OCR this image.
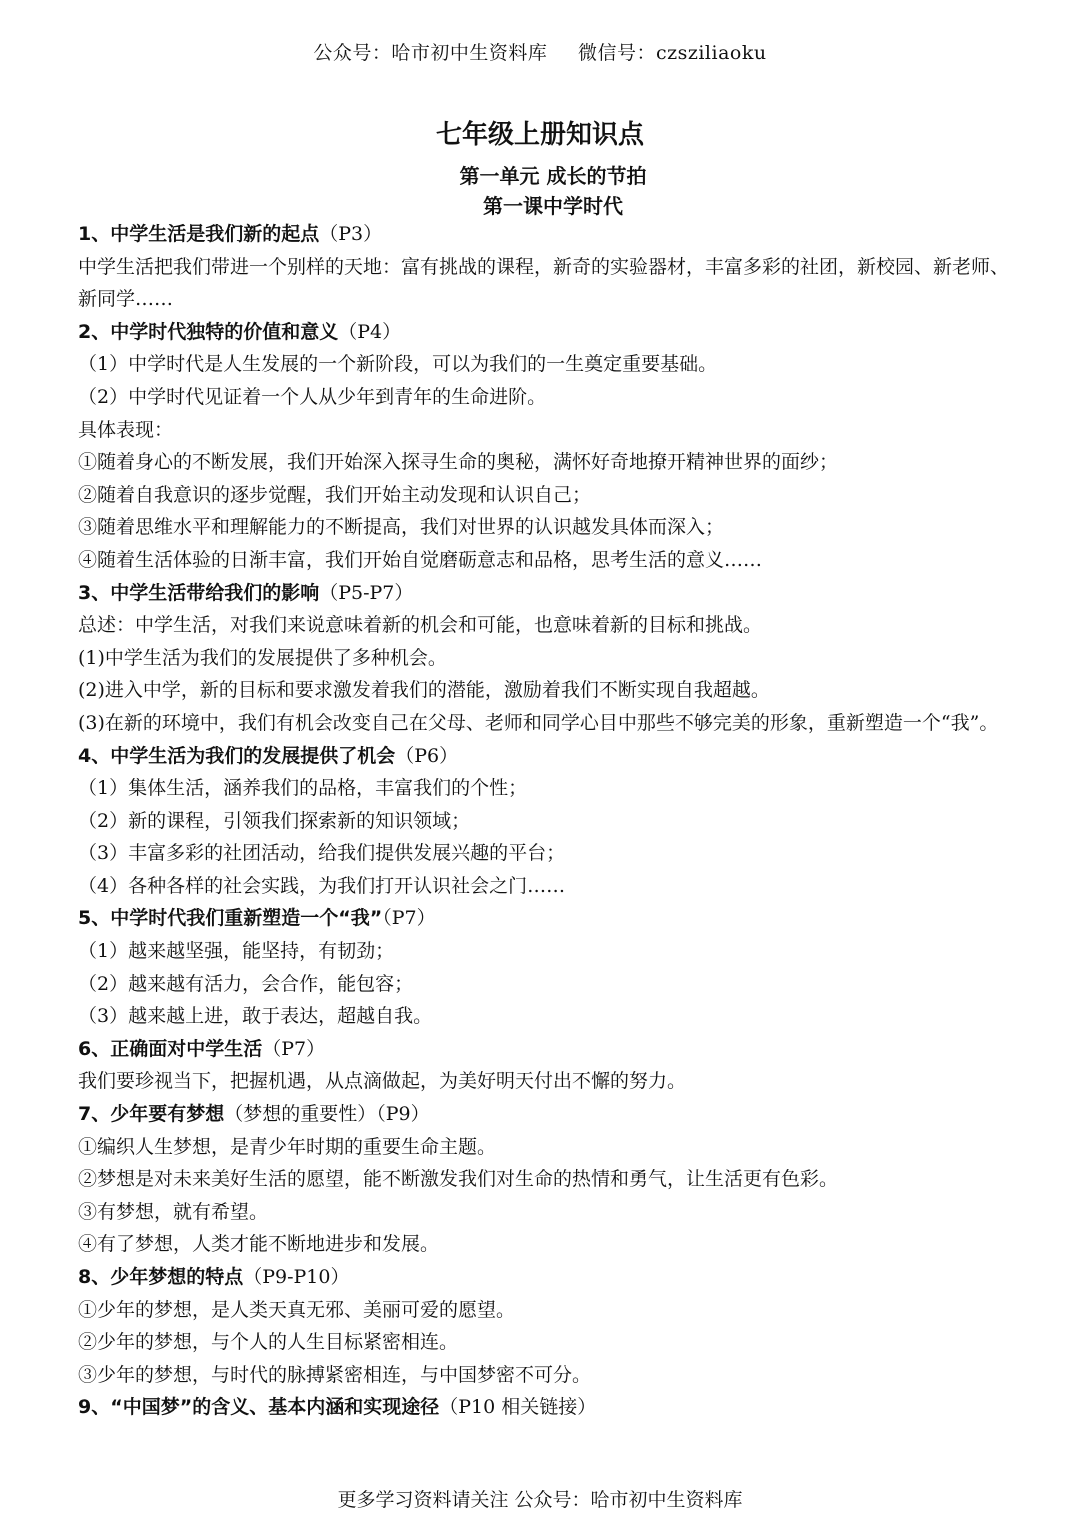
公众号：哈市初中生资料库 微信号：czsziliaoku
七年级上册知识点
第一单元 成长的节拍
第一课中学时代

1、中学生活是我们新的起点（P3）

中学生活把我们带进一个别样的天地：富有挑战的课程，新奇的实验器材，丰富多彩的社团，新校园、新老师、新同学……

2、中学时代独特的价值和意义（P4）

（1）中学时代是人生发展的一个新阶段，可以为我们的一生奠定重要基础。

（2）中学时代见证着一个人从少年到青年的生命进阶。

具体表现：

①随着身心的不断发展，我们开始深入探寻生命的奥秘，满怀好奇地撩开精神世界的面纱；

②随着自我意识的逐步觉醒，我们开始主动发现和认识自己；

③随着思维水平和理解能力的不断提高，我们对世界的认识越发具体而深入；

④随着生活体验的日渐丰富，我们开始自觉磨砺意志和品格，思考生活的意义……

3、中学生活带给我们的影响（P5-P7）

总述：中学生活，对我们来说意味着新的机会和可能，也意味着新的目标和挑战。

(1)中学生活为我们的发展提供了多种机会。

(2)进入中学，新的目标和要求激发着我们的潜能，激励着我们不断实现自我超越。

(3)在新的环境中，我们有机会改变自己在父母、老师和同学心目中那些不够完美的形象，重新塑造一个“我”。

4、中学生活为我们的发展提供了机会（P6）

（1）集体生活，涵养我们的品格，丰富我们的个性；

（2）新的课程，引领我们探索新的知识领域；

（3）丰富多彩的社团活动，给我们提供发展兴趣的平台；

（4）各种各样的社会实践，为我们打开认识社会之门……

5、中学时代我们重新塑造一个“我”（P7）

（1）越来越坚强，能坚持，有韧劲；

（2）越来越有活力，会合作，能包容；

（3）越来越上进，敢于表达，超越自我。

6、正确面对中学生活（P7）

我们要珍视当下，把握机遇，从点滴做起，为美好明天付出不懈的努力。

7、少年要有梦想（梦想的重要性）（P9）

①编织人生梦想，是青少年时期的重要生命主题。

②梦想是对未来美好生活的愿望，能不断激发我们对生命的热情和勇气，让生活更有色彩。

③有梦想，就有希望。

④有了梦想，人类才能不断地进步和发展。

8、少年梦想的特点（P9-P10）

①少年的梦想，是人类天真无邪、美丽可爱的愿望。

②少年的梦想，与个人的人生目标紧密相连。

③少年的梦想，与时代的脉搏紧密相连，与中国梦密不可分。

9、“中国梦”的含义、基本内涵和实现途径（P10 相关链接）

更多学习资料请关注 公众号：哈市初中生资料库
